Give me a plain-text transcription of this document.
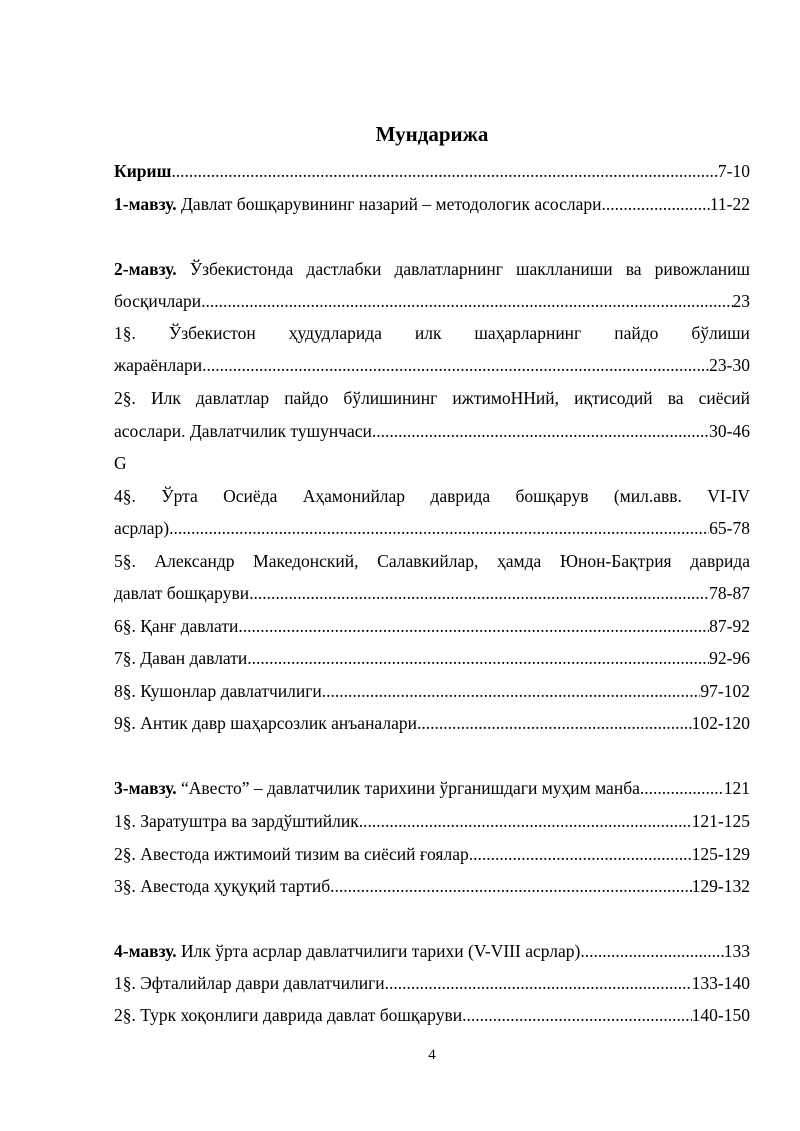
Мундарижа
Кириш .....	7-10
1-мавзу. Давлат бошқарувининг назарий – методологик асослари .....	11-22
2-мавзу. Ўзбекистонда дастлабки давлатларнинг шаклланиши ва ривожланиш
босқичлари .....	23
1§. Ўзбекистон ҳудудларида илк шаҳарларнинг пайдо бўлиши
жараёнлари .....	23-30
2§. Илк давлатлар пайдо бўлишининг ижтимоННий, иқтисодий ва сиёсий
асослари. Давлатчилик тушунчаси .....	30-46
G
4§. Ўрта Осиёда Аҳамонийлар даврида бошқарув (мил.авв. VI-IV
асрлар) .....	65-78
5§. Александр Македонский, Салавкийлар, ҳамда Юнон-Бақтрия даврида
давлат бошқаруви .....	78-87
6§. Қанғ давлати .....	87-92
7§. Даван давлати .....	92-96
8§. Кушонлар давлатчилиги .....	97-102
9§. Антик давр шаҳарсозлик анъаналари .....	102-120
3-мавзу. “Авесто” – давлатчилик тарихини ўрганишдаги муҳим манба .....	121
1§. Заратуштра ва зардўштийлик .....	121-125
2§. Авестода ижтимоий тизим ва сиёсий ғоялар .....	125-129
3§. Авестода ҳуқуқий тартиб .....	129-132
4-мавзу. Илк ўрта асрлар давлатчилиги тарихи (V-VIII асрлар) .....	133
1§. Эфталийлар даври давлатчилиги .....	133-140
2§. Турк хоқонлиги даврида давлат бошқаруви .....	140-150
4
